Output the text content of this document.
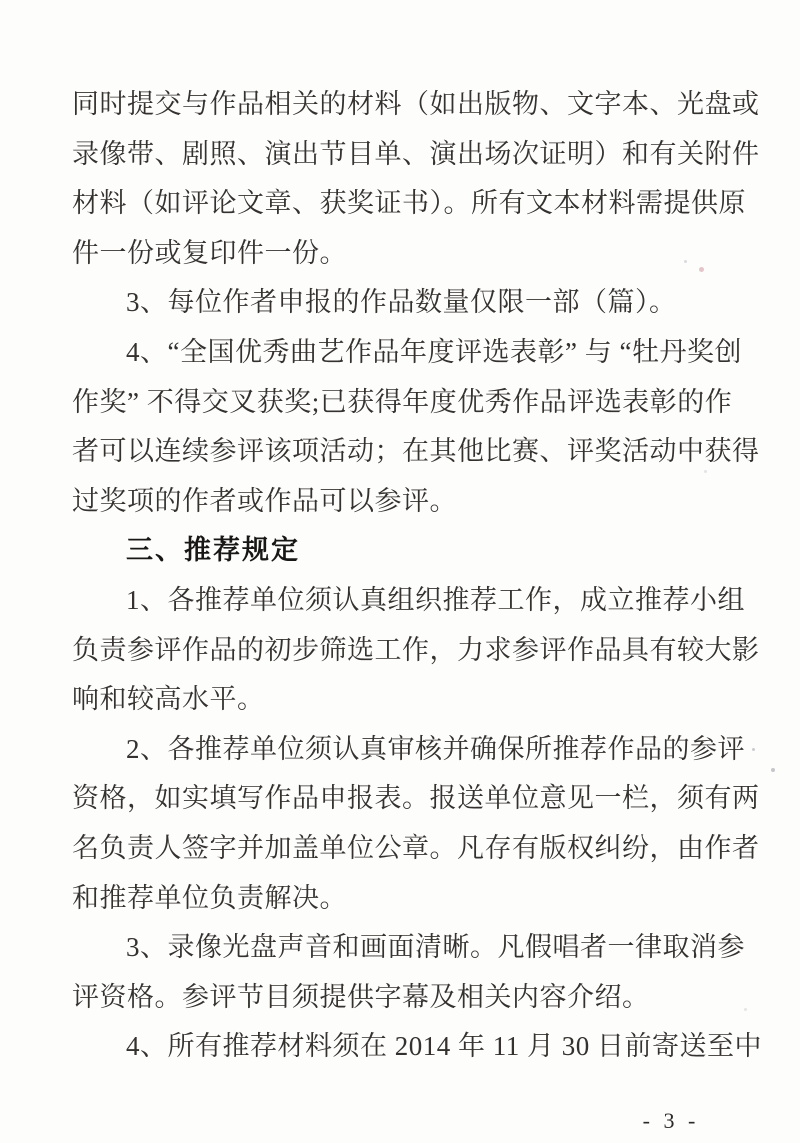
同时提交与作品相关的材料（如出版物、文字本、光盘或
录像带、剧照、演出节目单、演出场次证明）和有关附件
材料（如评论文章、获奖证书）。所有文本材料需提供原
件一份或复印件一份。
3、每位作者申报的作品数量仅限一部（篇）。
4、“全国优秀曲艺作品年度评选表彰” 与 “牡丹奖创
作奖” 不得交叉获奖;已获得年度优秀作品评选表彰的作
者可以连续参评该项活动；在其他比赛、评奖活动中获得
过奖项的作者或作品可以参评。
三、推荐规定
1、各推荐单位须认真组织推荐工作，成立推荐小组
负责参评作品的初步筛选工作，力求参评作品具有较大影
响和较高水平。
2、各推荐单位须认真审核并确保所推荐作品的参评
资格，如实填写作品申报表。报送单位意见一栏，须有两
名负责人签字并加盖单位公章。凡存有版权纠纷，由作者
和推荐单位负责解决。
3、录像光盘声音和画面清晰。凡假唱者一律取消参
评资格。参评节目须提供字幕及相关内容介绍。
4、所有推荐材料须在 2014 年 11 月 30 日前寄送至中
- 3 -
